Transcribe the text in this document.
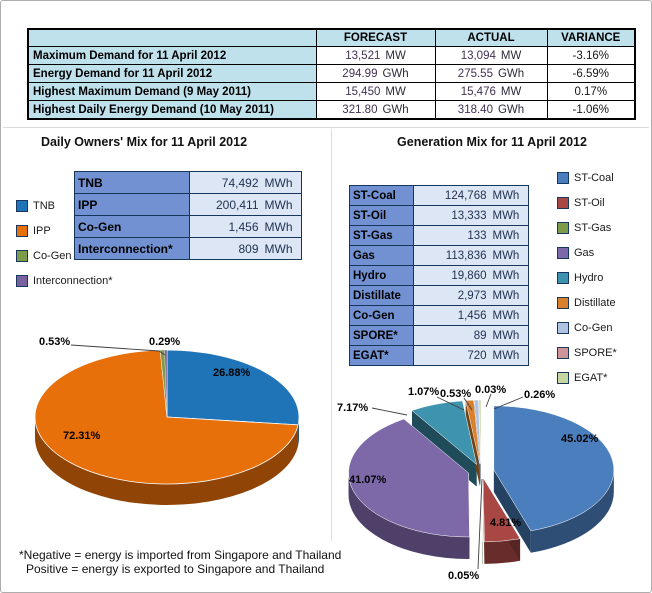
	FORECAST	ACTUAL	VARIANCE
Maximum Demand for 11 April 2012	13,521 MW	13,094 MW	-3.16%
Energy Demand for 11 April 2012	294.99 GWh	275.55 GWh	-6.59%
Highest Maximum Demand (9 May 2011)	15,450 MW	15,476 MW	0.17%
Highest Daily Energy Demand (10 May 2011)	321.80 GWh	318.40 GWh	-1.06%
Daily Owners' Mix for 11 April 2012	Generation Mix for 11 April 2012
TNB
IPP
Co-Gen
Interconnection*
TNB	74,492	MWh
IPP	200,411	MWh
Co-Gen	1,456	MWh
Interconnection*	809	MWh
ST-Coal	124,768	MWh
ST-Oil	13,333	MWh
ST-Gas	133	MWh
Gas	113,836	MWh
Hydro	19,860	MWh
Distillate	2,973	MWh
Co-Gen	1,456	MWh
SPORE*	89	MWh
EGAT*	720	MWh
ST-Coal
ST-Oil
ST-Gas
Gas
Hydro
Distillate
Co-Gen
SPORE*
EGAT*
26.88%
72.31%
0.53%	0.29%
45.02%
4.81%
0.05%
41.07%
7.17%
1.07% 0.53% 0.03% 0.26%
*Negative = energy is imported from Singapore and Thailand
Positive = energy is exported to Singapore and Thailand
